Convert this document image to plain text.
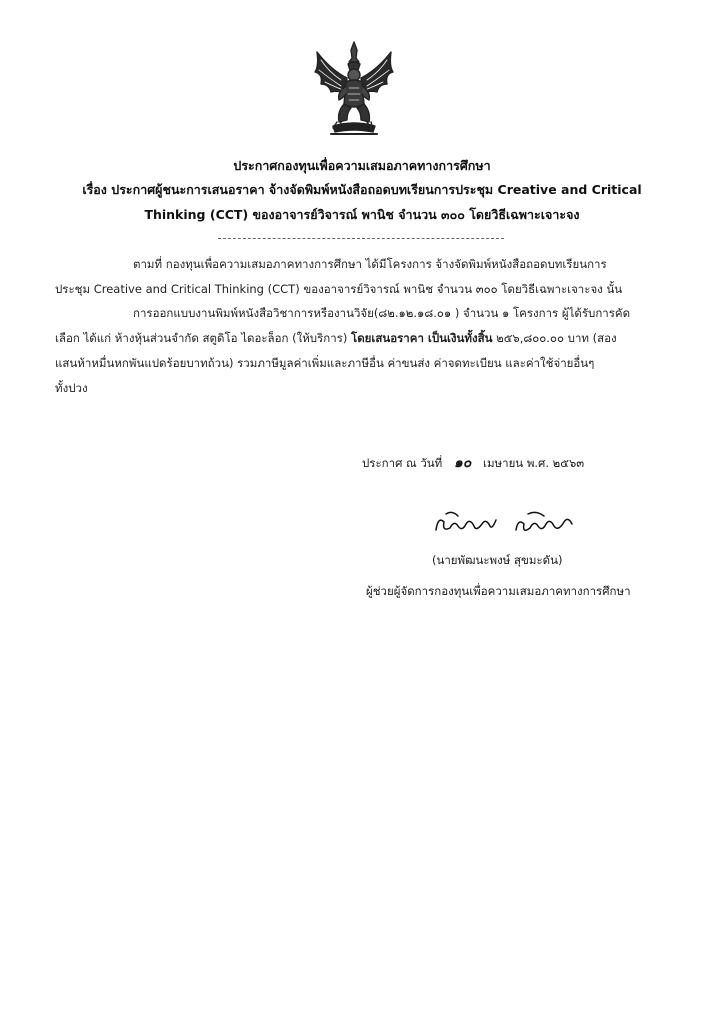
ประกาศกองทุนเพื่อความเสมอภาคทางการศึกษา
เรื่อง ประกาศผู้ชนะการเสนอราคา จ้างจัดพิมพ์หนังสือถอดบทเรียนการประชุม Creative and Critical
Thinking (CCT) ของอาจารย์วิจารณ์ พานิช จำนวน ๓๐๐ โดยวิธีเฉพาะเจาะจง
ตามที่ กองทุนเพื่อความเสมอภาคทางการศึกษา ได้มีโครงการ จ้างจัดพิมพ์หนังสือถอดบทเรียนการ
ประชุม Creative and Critical Thinking (CCT) ของอาจารย์วิจารณ์ พานิช จำนวน ๓๐๐ โดยวิธีเฉพาะเจาะจง นั้น
การออกแบบงานพิมพ์หนังสือวิชาการหรืองานวิจัย(๘๒.๑๒.๑๘.๐๑ ) จำนวน ๑ โครงการ ผู้ได้รับการคัด
เลือก ได้แก่ ห้างหุ้นส่วนจำกัด สตูดิโอ ไดอะล็อก (ให้บริการ) โดยเสนอราคา เป็นเงินทั้งสิ้น ๒๕๖,๘๐๐.๐๐ บาท (สอง
แสนห้าหมื่นหกพันแปดร้อยบาทถ้วน) รวมภาษีมูลค่าเพิ่มและภาษีอื่น ค่าขนส่ง ค่าจดทะเบียน และค่าใช้จ่ายอื่นๆ
ทั้งปวง
ประกาศ ณ วันที่ ๑๐ เมษายน พ.ศ. ๒๕๖๓
(นายพัฒนะพงษ์ สุขมะดัน)
ผู้ช่วยผู้จัดการกองทุนเพื่อความเสมอภาคทางการศึกษา
